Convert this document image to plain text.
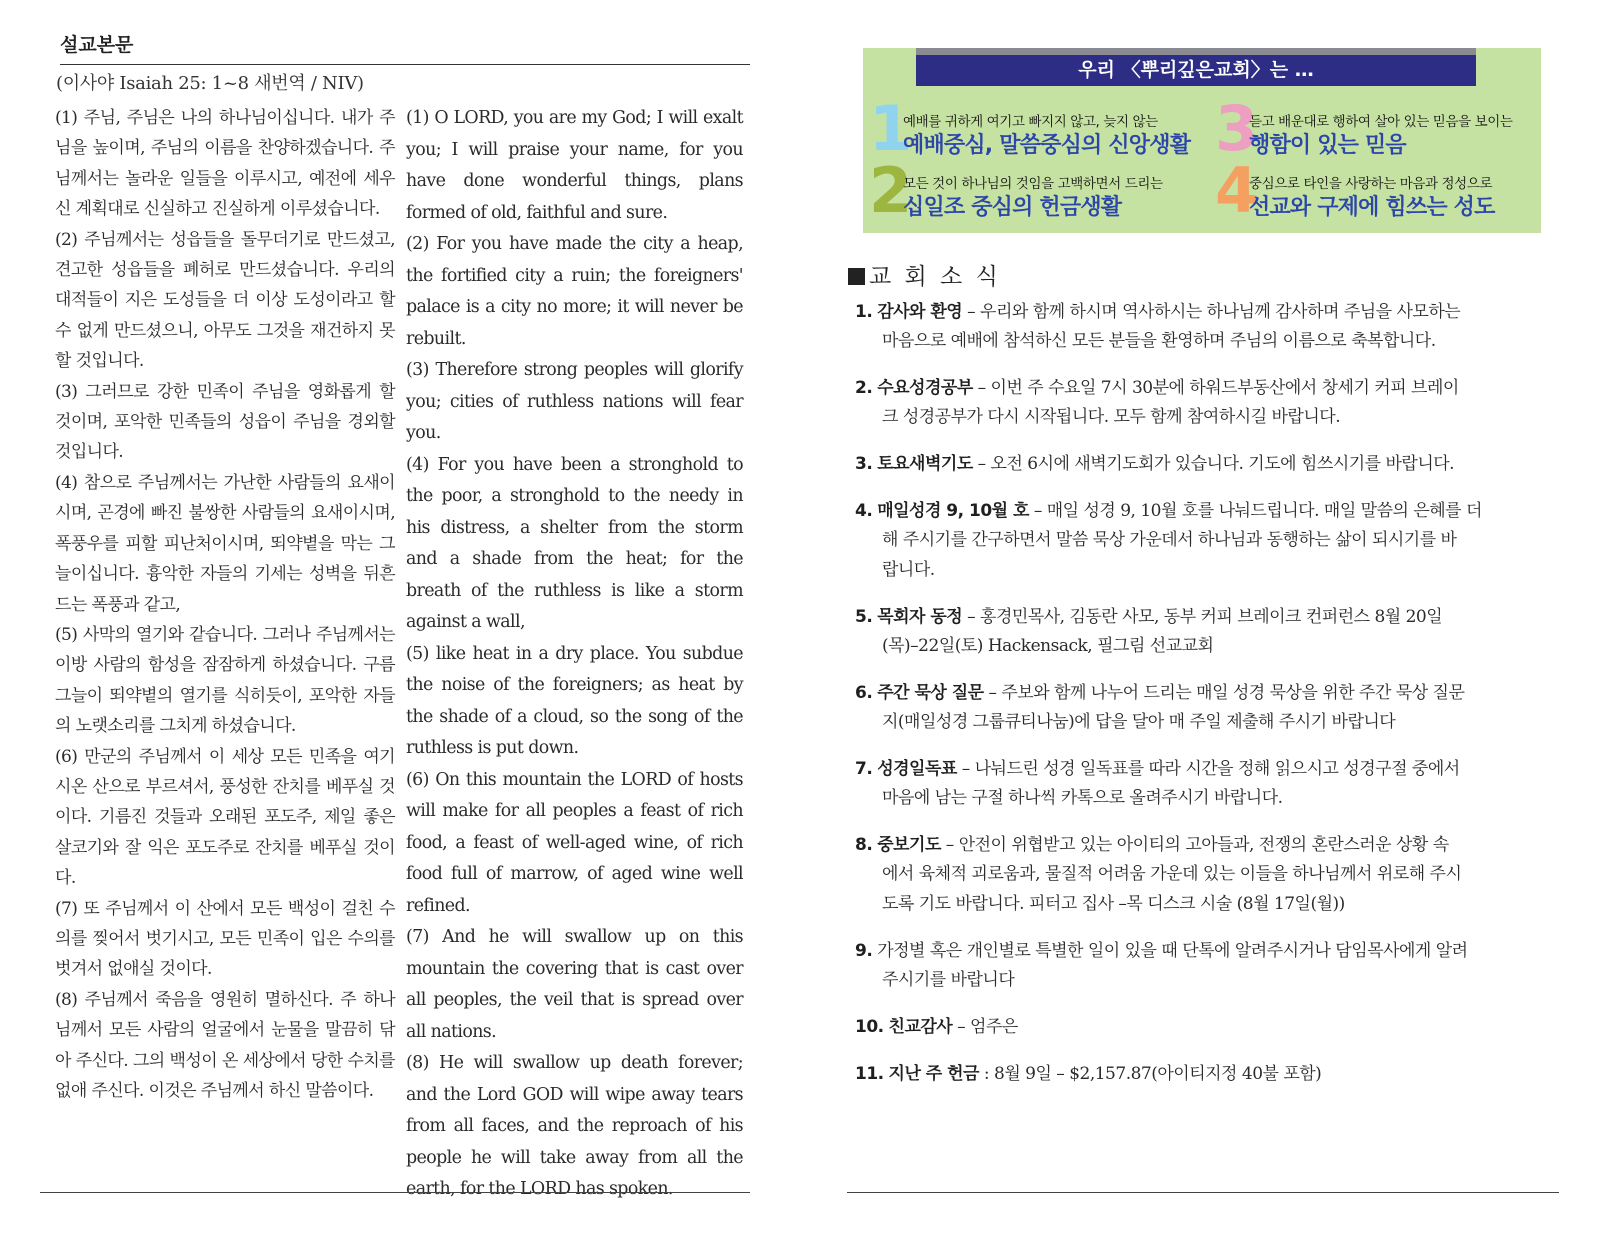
설교본문
(이사야 Isaiah 25: 1~8 새번역 / NIV)

(1) 주님, 주님은 나의 하나님이십니다. 내가 주님을 높이며, 주님의 이름을 찬양하겠습니다. 주님께서는 놀라운 일들을 이루시고, 예전에 세우신 계획대로 신실하고 진실하게 이루셨습니다.

(2) 주님께서는 성읍들을 돌무더기로 만드셨고, 견고한 성읍들을 폐허로 만드셨습니다. 우리의 대적들이 지은 도성들을 더 이상 도성이라고 할 수 없게 만드셨으니, 아무도 그것을 재건하지 못할 것입니다.

(3) 그러므로 강한 민족이 주님을 영화롭게 할 것이며, 포악한 민족들의 성읍이 주님을 경외할 것입니다.

(4) 참으로 주님께서는 가난한 사람들의 요새이시며, 곤경에 빠진 불쌍한 사람들의 요새이시며, 폭풍우를 피할 피난처이시며, 뙤약볕을 막는 그늘이십니다. 흉악한 자들의 기세는 성벽을 뒤흔드는 폭풍과 같고,

(5) 사막의 열기와 같습니다. 그러나 주님께서는 이방 사람의 함성을 잠잠하게 하셨습니다. 구름 그늘이 뙤약볕의 열기를 식히듯이, 포악한 자들의 노랫소리를 그치게 하셨습니다.

(6) 만군의 주님께서 이 세상 모든 민족을 여기 시온 산으로 부르셔서, 풍성한 잔치를 베푸실 것이다. 기름진 것들과 오래된 포도주, 제일 좋은 살코기와 잘 익은 포도주로 잔치를 베푸실 것이다.

(7) 또 주님께서 이 산에서 모든 백성이 걸친 수의를 찢어서 벗기시고, 모든 민족이 입은 수의를 벗겨서 없애실 것이다.

(8) 주님께서 죽음을 영원히 멸하신다. 주 하나님께서 모든 사람의 얼굴에서 눈물을 말끔히 닦아 주신다. 그의 백성이 온 세상에서 당한 수치를 없애 주신다. 이것은 주님께서 하신 말씀이다.

(1) O LORD, you are my God; I will exalt you; I will praise your name, for you have done wonderful things, plans formed of old, faithful and sure.

(2) For you have made the city a heap, the fortified city a ruin; the foreigners' palace is a city no more; it will never be rebuilt.

(3) Therefore strong peoples will glorify you; cities of ruthless nations will fear you.

(4) For you have been a stronghold to the poor, a stronghold to the needy in his distress, a shelter from the storm and a shade from the heat; for the breath of the ruthless is like a storm against a wall,

(5) like heat in a dry place. You subdue the noise of the foreigners; as heat by the shade of a cloud, so the song of the ruthless is put down.

(6) On this mountain the LORD of hosts will make for all peoples a feast of rich food, a feast of well-aged wine, of rich food full of marrow, of aged wine well refined.

(7) And he will swallow up on this mountain the covering that is cast over all peoples, the veil that is spread over all nations.

(8) He will swallow up death forever; and the Lord GOD will wipe away tears from all faces, and the reproach of his people he will take away from all the earth, for the LORD has spoken.

우리 〈뿌리깊은교회〉는 …
1
예배를 귀하게 여기고 빠지지 않고, 늦지 않는
예배중심, 말씀중심의 신앙생활
2
모든 것이 하나님의 것임을 고백하면서 드리는
십일조 중심의 헌금생활
3
듣고 배운대로 행하여 살아 있는 믿음을 보이는
행함이 있는 믿음
4
중심으로 타인을 사랑하는 마음과 정성으로
선교와 구제에 힘쓰는 성도
교 회 소 식
1. 감사와 환영 – 우리와 함께 하시며 역사하시는 하나님께 감사하며 주님을 사모하는
마음으로 예배에 참석하신 모든 분들을 환영하며 주님의 이름으로 축복합니다.
2. 수요성경공부 – 이번 주 수요일 7시 30분에 하워드부동산에서 창세기 커피 브레이
크 성경공부가 다시 시작됩니다. 모두 함께 참여하시길 바랍니다.
3. 토요새벽기도 – 오전 6시에 새벽기도회가 있습니다. 기도에 힘쓰시기를 바랍니다.
4. 매일성경 9, 10월 호 – 매일 성경 9, 10월 호를 나눠드립니다. 매일 말씀의 은혜를 더
해 주시기를 간구하면서 말씀 묵상 가운데서 하나님과 동행하는 삶이 되시기를 바
랍니다.
5. 목회자 동정 – 홍경민목사, 김동란 사모, 동부 커피 브레이크 컨퍼런스 8월 20일
(목)–22일(토) Hackensack, 필그림 선교교회
6. 주간 묵상 질문 – 주보와 함께 나누어 드리는 매일 성경 묵상을 위한 주간 묵상 질문
지(매일성경 그룹큐티나눔)에 답을 달아 매 주일 제출해 주시기 바랍니다
7. 성경일독표 – 나눠드린 성경 일독표를 따라 시간을 정해 읽으시고 성경구절 중에서
마음에 남는 구절 하나씩 카톡으로 올려주시기 바랍니다.
8. 중보기도 – 안전이 위협받고 있는 아이티의 고아들과, 전쟁의 혼란스러운 상황 속
에서 육체적 괴로움과, 물질적 어려움 가운데 있는 이들을 하나님께서 위로해 주시
도록 기도 바랍니다. 피터고 집사 –목 디스크 시술 (8월 17일(월))
9. 가정별 혹은 개인별로 특별한 일이 있을 때 단톡에 알려주시거나 담임목사에게 알려
주시기를 바랍니다
10. 친교감사 – 엄주은
11. 지난 주 헌금 : 8월 9일 – $2,157.87(아이티지정 40불 포함)
